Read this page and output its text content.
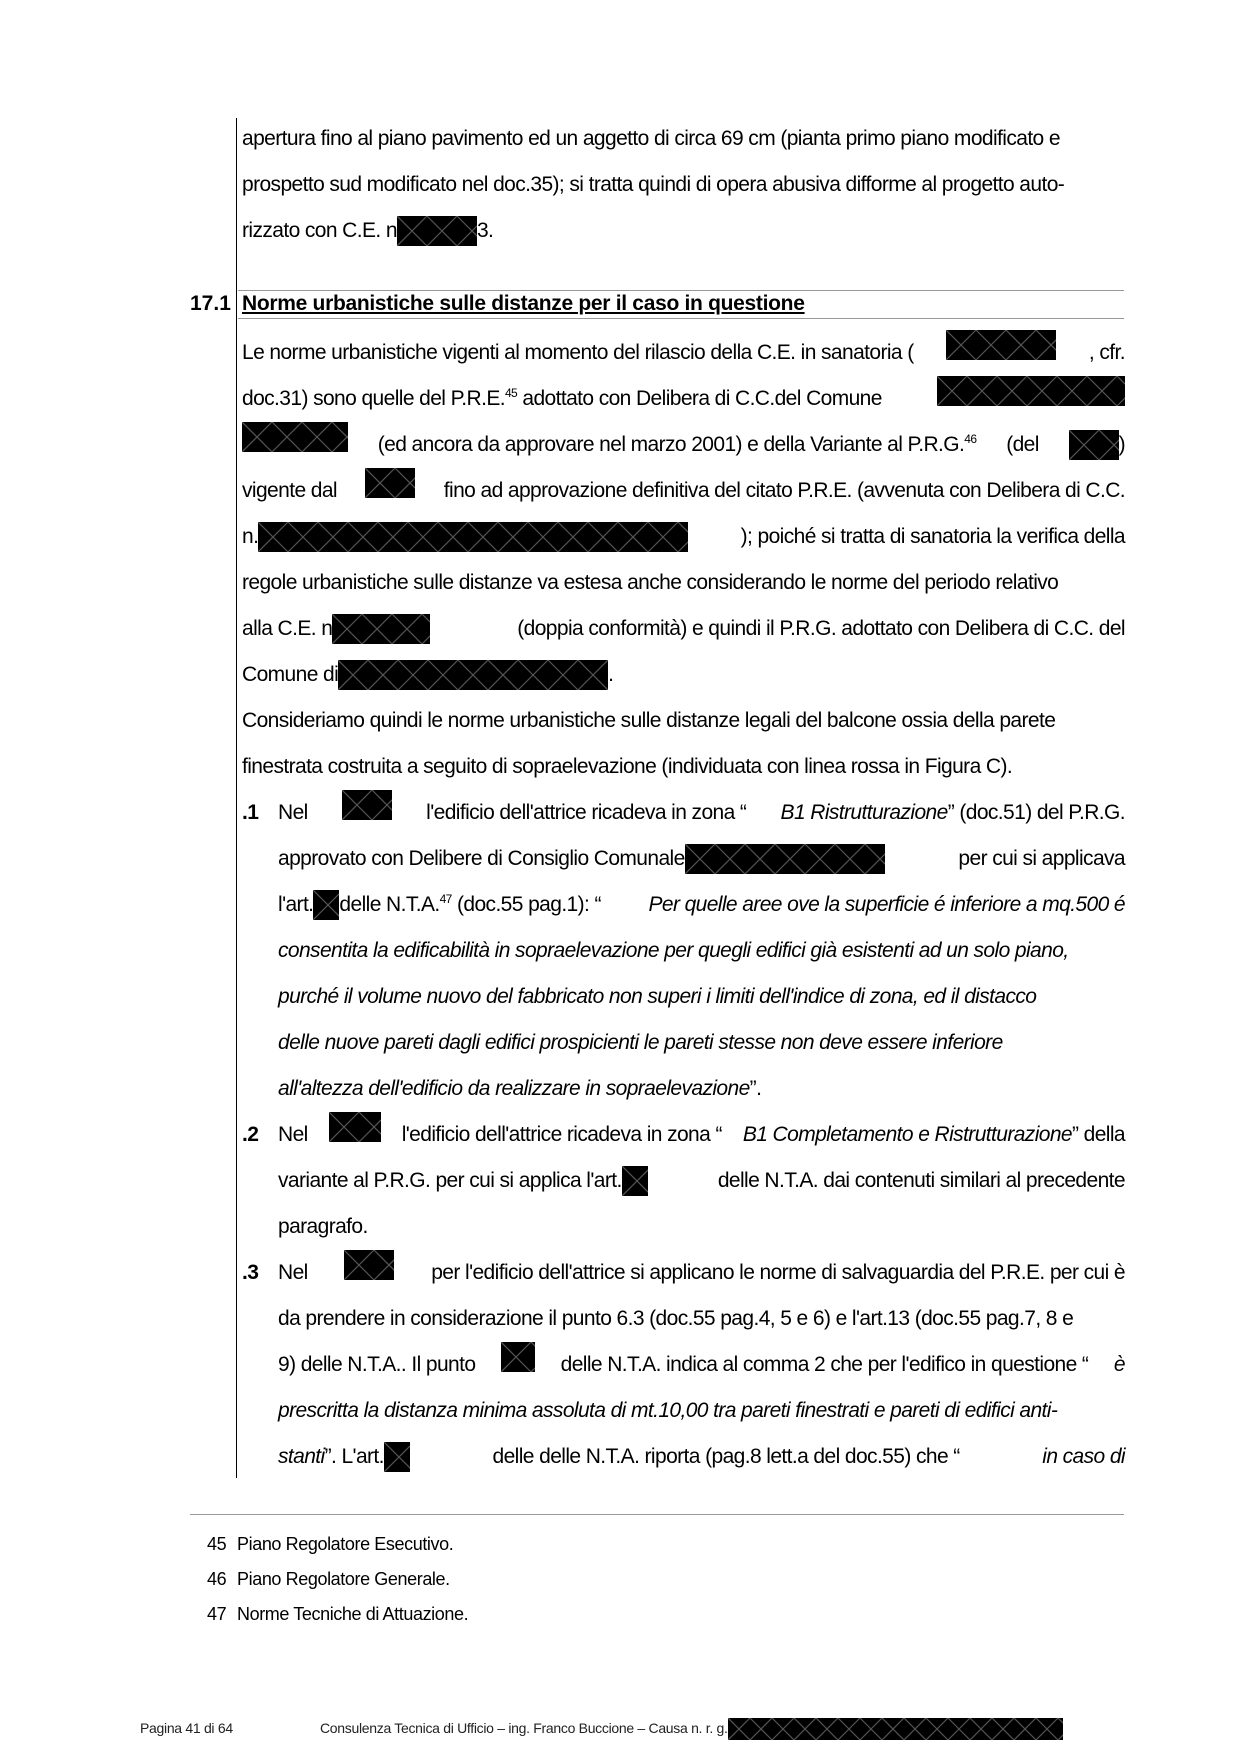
apertura fino al piano pavimento ed un aggetto di circa 69 cm (pianta primo piano modificato e
prospetto sud modificato nel doc.35); si tratta quindi di opera abusiva difforme al progetto auto-
rizzato con C.E. n	3.
17.1 Norme urbanistiche sulle distanze per il caso in questione
Le norme urbanistiche vigenti al momento del rilascio della C.E. in sanatoria (	, cfr.
doc.31) sono quelle del P.R.E.$^{45}$ adottato con Delibera di C.C.del Comune
(ed ancora da approvare nel marzo 2001) e della Variante al P.R.G.$^{46}$ (del	)
vigente dal	fino ad approvazione definitiva del citato P.R.E. (avvenuta con Delibera di C.C.
n.	); poiché si tratta di sanatoria la verifica della
regole urbanistiche sulle distanze va estesa anche considerando le norme del periodo relativo
alla C.E. n	(doppia conformità) e quindi il P.R.G. adottato con Delibera di C.C. del
Comune di	.
Consideriamo quindi le norme urbanistiche sulle distanze legali del balcone ossia della parete
finestrata costruita a seguito di sopraelevazione (individuata con linea rossa in Figura C).
.1 Nel	l'edificio dell'attrice ricadeva in zona “ B1 Ristrutturazione” (doc.51) del P.R.G.
approvato con Delibere di Consiglio Comunale	per cui si applicava
l'art. delle N.T.A.$^{47}$ (doc.55 pag.1): “ Per quelle aree ove la superficie é inferiore a mq.500 é
consentita la edificabilità in sopraelevazione per quegli edifici già esistenti ad un solo piano,
purché il volume nuovo del fabbricato non superi i limiti dell'indice di zona, ed il distacco
delle nuove pareti dagli edifici prospicienti le pareti stesse non deve essere inferiore
all'altezza dell'edificio da realizzare in sopraelevazione”.
.2 Nel	l'edificio dell'attrice ricadeva in zona “ B1 Completamento e Ristrutturazione” della
variante al P.R.G. per cui si applica l'art.	delle N.T.A. dai contenuti similari al precedente
paragrafo.
.3 Nel	per l'edificio dell'attrice si applicano le norme di salvaguardia del P.R.E. per cui è
da prendere in considerazione il punto 6.3 (doc.55 pag.4, 5 e 6) e l'art.13 (doc.55 pag.7, 8 e
9) delle N.T.A.. Il punto	delle N.T.A. indica al comma 2 che per l'edifico in questione “ è
prescritta la distanza minima assoluta di mt.10,00 tra pareti finestrati e pareti di edifici anti-
stanti”. L'art.	delle delle N.T.A. riporta (pag.8 lett.a del doc.55) che “	in caso di
45 Piano Regolatore Esecutivo.
46 Piano Regolatore Generale.
47 Norme Tecniche di Attuazione.
Pagina 41 di 64	Consulenza Tecnica di Ufficio – ing. Franco Buccione – Causa n. r. g.
